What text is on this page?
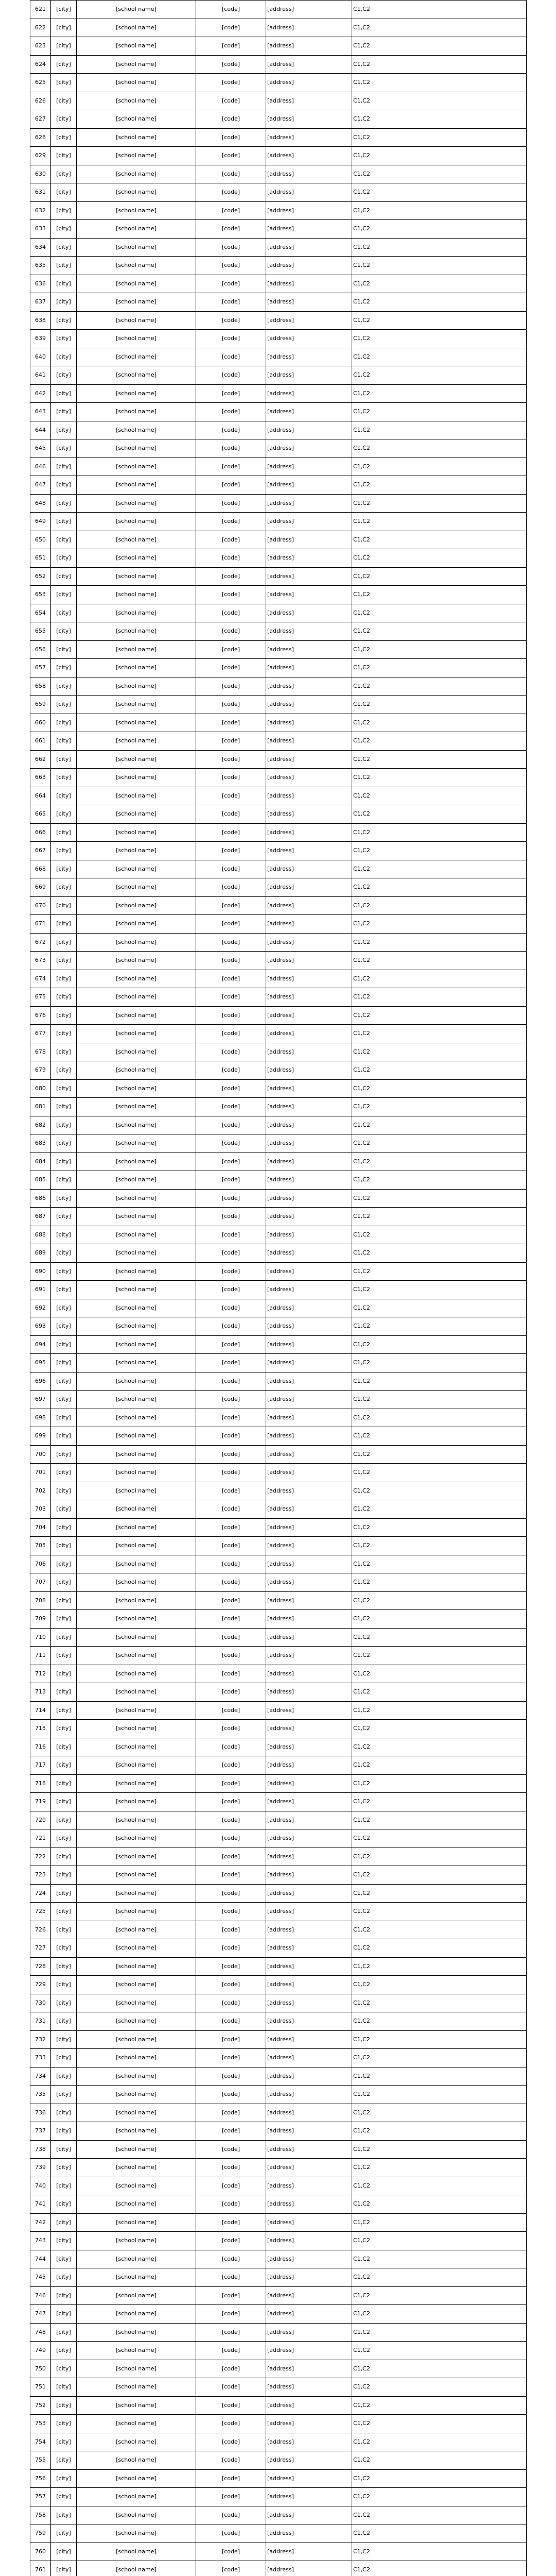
621	[city]	[school name]	[code]	[address]	C1,C2
622	[city]	[school name]	[code]	[address]	C1,C2
623	[city]	[school name]	[code]	[address]	C1,C2
624	[city]	[school name]	[code]	[address]	C1,C2
625	[city]	[school name]	[code]	[address]	C1,C2
626	[city]	[school name]	[code]	[address]	C1,C2
627	[city]	[school name]	[code]	[address]	C1,C2
628	[city]	[school name]	[code]	[address]	C1,C2
629	[city]	[school name]	[code]	[address]	C1,C2
630	[city]	[school name]	[code]	[address]	C1,C2
631	[city]	[school name]	[code]	[address]	C1,C2
632	[city]	[school name]	[code]	[address]	C1,C2
633	[city]	[school name]	[code]	[address]	C1,C2
634	[city]	[school name]	[code]	[address]	C1,C2
635	[city]	[school name]	[code]	[address]	C1,C2
636	[city]	[school name]	[code]	[address]	C1,C2
637	[city]	[school name]	[code]	[address]	C1,C2
638	[city]	[school name]	[code]	[address]	C1,C2
639	[city]	[school name]	[code]	[address]	C1,C2
640	[city]	[school name]	[code]	[address]	C1,C2
641	[city]	[school name]	[code]	[address]	C1,C2
642	[city]	[school name]	[code]	[address]	C1,C2
643	[city]	[school name]	[code]	[address]	C1,C2
644	[city]	[school name]	[code]	[address]	C1,C2
645	[city]	[school name]	[code]	[address]	C1,C2
646	[city]	[school name]	[code]	[address]	C1,C2
647	[city]	[school name]	[code]	[address]	C1,C2
648	[city]	[school name]	[code]	[address]	C1,C2
649	[city]	[school name]	[code]	[address]	C1,C2
650	[city]	[school name]	[code]	[address]	C1,C2
651	[city]	[school name]	[code]	[address]	C1,C2
652	[city]	[school name]	[code]	[address]	C1,C2
653	[city]	[school name]	[code]	[address]	C1,C2
654	[city]	[school name]	[code]	[address]	C1,C2
655	[city]	[school name]	[code]	[address]	C1,C2
656	[city]	[school name]	[code]	[address]	C1,C2
657	[city]	[school name]	[code]	[address]	C1,C2
658	[city]	[school name]	[code]	[address]	C1,C2
659	[city]	[school name]	[code]	[address]	C1,C2
660	[city]	[school name]	[code]	[address]	C1,C2
661	[city]	[school name]	[code]	[address]	C1,C2
662	[city]	[school name]	[code]	[address]	C1,C2
663	[city]	[school name]	[code]	[address]	C1,C2
664	[city]	[school name]	[code]	[address]	C1,C2
665	[city]	[school name]	[code]	[address]	C1,C2
666	[city]	[school name]	[code]	[address]	C1,C2
667	[city]	[school name]	[code]	[address]	C1,C2
668	[city]	[school name]	[code]	[address]	C1,C2
669	[city]	[school name]	[code]	[address]	C1,C2
670	[city]	[school name]	[code]	[address]	C1,C2
671	[city]	[school name]	[code]	[address]	C1,C2
672	[city]	[school name]	[code]	[address]	C1,C2
673	[city]	[school name]	[code]	[address]	C1,C2
674	[city]	[school name]	[code]	[address]	C1,C2
675	[city]	[school name]	[code]	[address]	C1,C2
676	[city]	[school name]	[code]	[address]	C1,C2
677	[city]	[school name]	[code]	[address]	C1,C2
678	[city]	[school name]	[code]	[address]	C1,C2
679	[city]	[school name]	[code]	[address]	C1,C2
680	[city]	[school name]	[code]	[address]	C1,C2
681	[city]	[school name]	[code]	[address]	C1,C2
682	[city]	[school name]	[code]	[address]	C1,C2
683	[city]	[school name]	[code]	[address]	C1,C2
684	[city]	[school name]	[code]	[address]	C1,C2
685	[city]	[school name]	[code]	[address]	C1,C2
686	[city]	[school name]	[code]	[address]	C1,C2
687	[city]	[school name]	[code]	[address]	C1,C2
688	[city]	[school name]	[code]	[address]	C1,C2
689	[city]	[school name]	[code]	[address]	C1,C2
690	[city]	[school name]	[code]	[address]	C1,C2
691	[city]	[school name]	[code]	[address]	C1,C2
692	[city]	[school name]	[code]	[address]	C1,C2
693	[city]	[school name]	[code]	[address]	C1,C2
694	[city]	[school name]	[code]	[address]	C1,C2
695	[city]	[school name]	[code]	[address]	C1,C2
696	[city]	[school name]	[code]	[address]	C1,C2
697	[city]	[school name]	[code]	[address]	C1,C2
698	[city]	[school name]	[code]	[address]	C1,C2
699	[city]	[school name]	[code]	[address]	C1,C2
700	[city]	[school name]	[code]	[address]	C1,C2
701	[city]	[school name]	[code]	[address]	C1,C2
702	[city]	[school name]	[code]	[address]	C1,C2
703	[city]	[school name]	[code]	[address]	C1,C2
704	[city]	[school name]	[code]	[address]	C1,C2
705	[city]	[school name]	[code]	[address]	C1,C2
706	[city]	[school name]	[code]	[address]	C1,C2
707	[city]	[school name]	[code]	[address]	C1,C2
708	[city]	[school name]	[code]	[address]	C1,C2
709	[city]	[school name]	[code]	[address]	C1,C2
710	[city]	[school name]	[code]	[address]	C1,C2
711	[city]	[school name]	[code]	[address]	C1,C2
712	[city]	[school name]	[code]	[address]	C1,C2
713	[city]	[school name]	[code]	[address]	C1,C2
714	[city]	[school name]	[code]	[address]	C1,C2
715	[city]	[school name]	[code]	[address]	C1,C2
716	[city]	[school name]	[code]	[address]	C1,C2
717	[city]	[school name]	[code]	[address]	C1,C2
718	[city]	[school name]	[code]	[address]	C1,C2
719	[city]	[school name]	[code]	[address]	C1,C2
720	[city]	[school name]	[code]	[address]	C1,C2
721	[city]	[school name]	[code]	[address]	C1,C2
722	[city]	[school name]	[code]	[address]	C1,C2
723	[city]	[school name]	[code]	[address]	C1,C2
724	[city]	[school name]	[code]	[address]	C1,C2
725	[city]	[school name]	[code]	[address]	C1,C2
726	[city]	[school name]	[code]	[address]	C1,C2
727	[city]	[school name]	[code]	[address]	C1,C2
728	[city]	[school name]	[code]	[address]	C1,C2
729	[city]	[school name]	[code]	[address]	C1,C2
730	[city]	[school name]	[code]	[address]	C1,C2
731	[city]	[school name]	[code]	[address]	C1,C2
732	[city]	[school name]	[code]	[address]	C1,C2
733	[city]	[school name]	[code]	[address]	C1,C2
734	[city]	[school name]	[code]	[address]	C1,C2
735	[city]	[school name]	[code]	[address]	C1,C2
736	[city]	[school name]	[code]	[address]	C1,C2
737	[city]	[school name]	[code]	[address]	C1,C2
738	[city]	[school name]	[code]	[address]	C1,C2
739	[city]	[school name]	[code]	[address]	C1,C2
740	[city]	[school name]	[code]	[address]	C1,C2
741	[city]	[school name]	[code]	[address]	C1,C2
742	[city]	[school name]	[code]	[address]	C1,C2
743	[city]	[school name]	[code]	[address]	C1,C2
744	[city]	[school name]	[code]	[address]	C1,C2
745	[city]	[school name]	[code]	[address]	C1,C2
746	[city]	[school name]	[code]	[address]	C1,C2
747	[city]	[school name]	[code]	[address]	C1,C2
748	[city]	[school name]	[code]	[address]	C1,C2
749	[city]	[school name]	[code]	[address]	C1,C2
750	[city]	[school name]	[code]	[address]	C1,C2
751	[city]	[school name]	[code]	[address]	C1,C2
752	[city]	[school name]	[code]	[address]	C1,C2
753	[city]	[school name]	[code]	[address]	C1,C2
754	[city]	[school name]	[code]	[address]	C1,C2
755	[city]	[school name]	[code]	[address]	C1,C2
756	[city]	[school name]	[code]	[address]	C1,C2
757	[city]	[school name]	[code]	[address]	C1,C2
758	[city]	[school name]	[code]	[address]	C1,C2
759	[city]	[school name]	[code]	[address]	C1,C2
760	[city]	[school name]	[code]	[address]	C1,C2
761	[city]	[school name]	[code]	[address]	C1,C2
